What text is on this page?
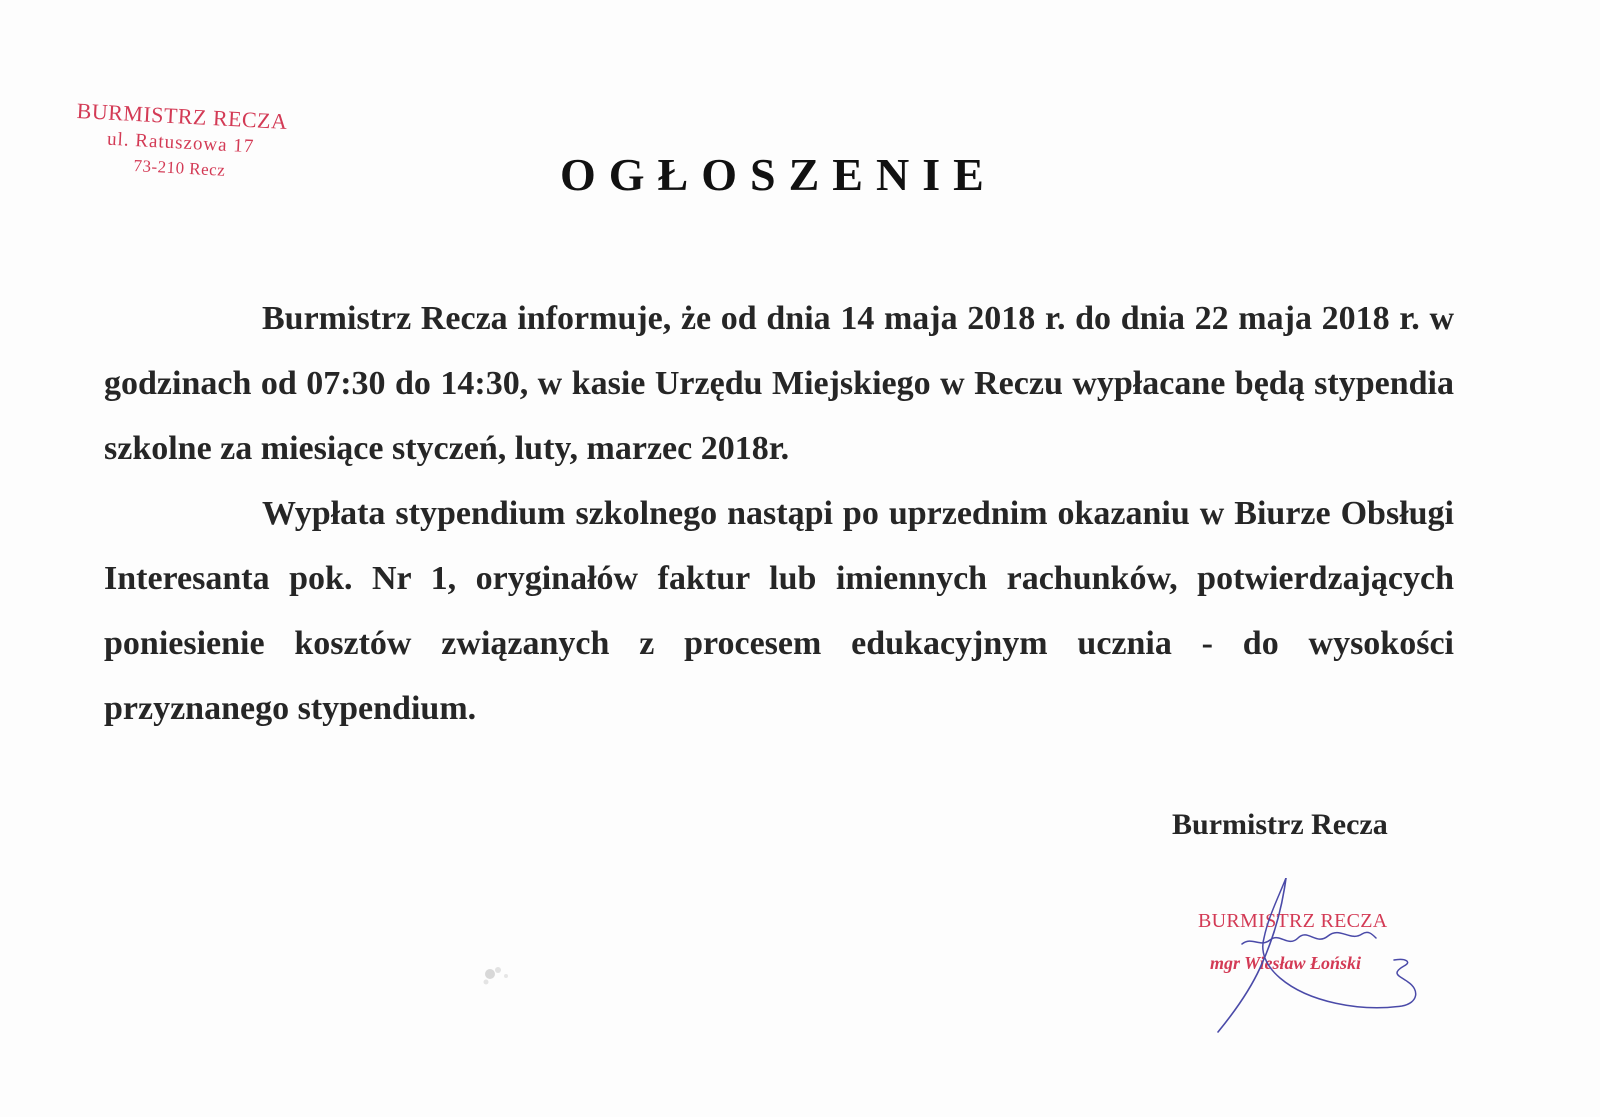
BURMISTRZ RECZA
ul. Ratuszowa 17
73-210 Recz	OGŁOSZENIE

Burmistrz Recza informuje, że od dnia 14 maja 2018 r. do dnia 22 maja 2018 r. w godzinach od 07:30 do 14:30, w kasie Urzędu Miejskiego w Reczu wypłacane będą stypendia szkolne za miesiące styczeń, luty, marzec 2018r.

Wypłata stypendium szkolnego nastąpi po uprzednim okazaniu w Biurze Obsługi Interesanta pok. Nr 1, oryginałów faktur lub imiennych rachunków, potwierdzających poniesienie kosztów związanych z procesem edukacyjnym ucznia - do wysokości przyznanego stypendium.

Burmistrz Recza
BURMISTRZ RECZA
mgr Wiesław Łoński
